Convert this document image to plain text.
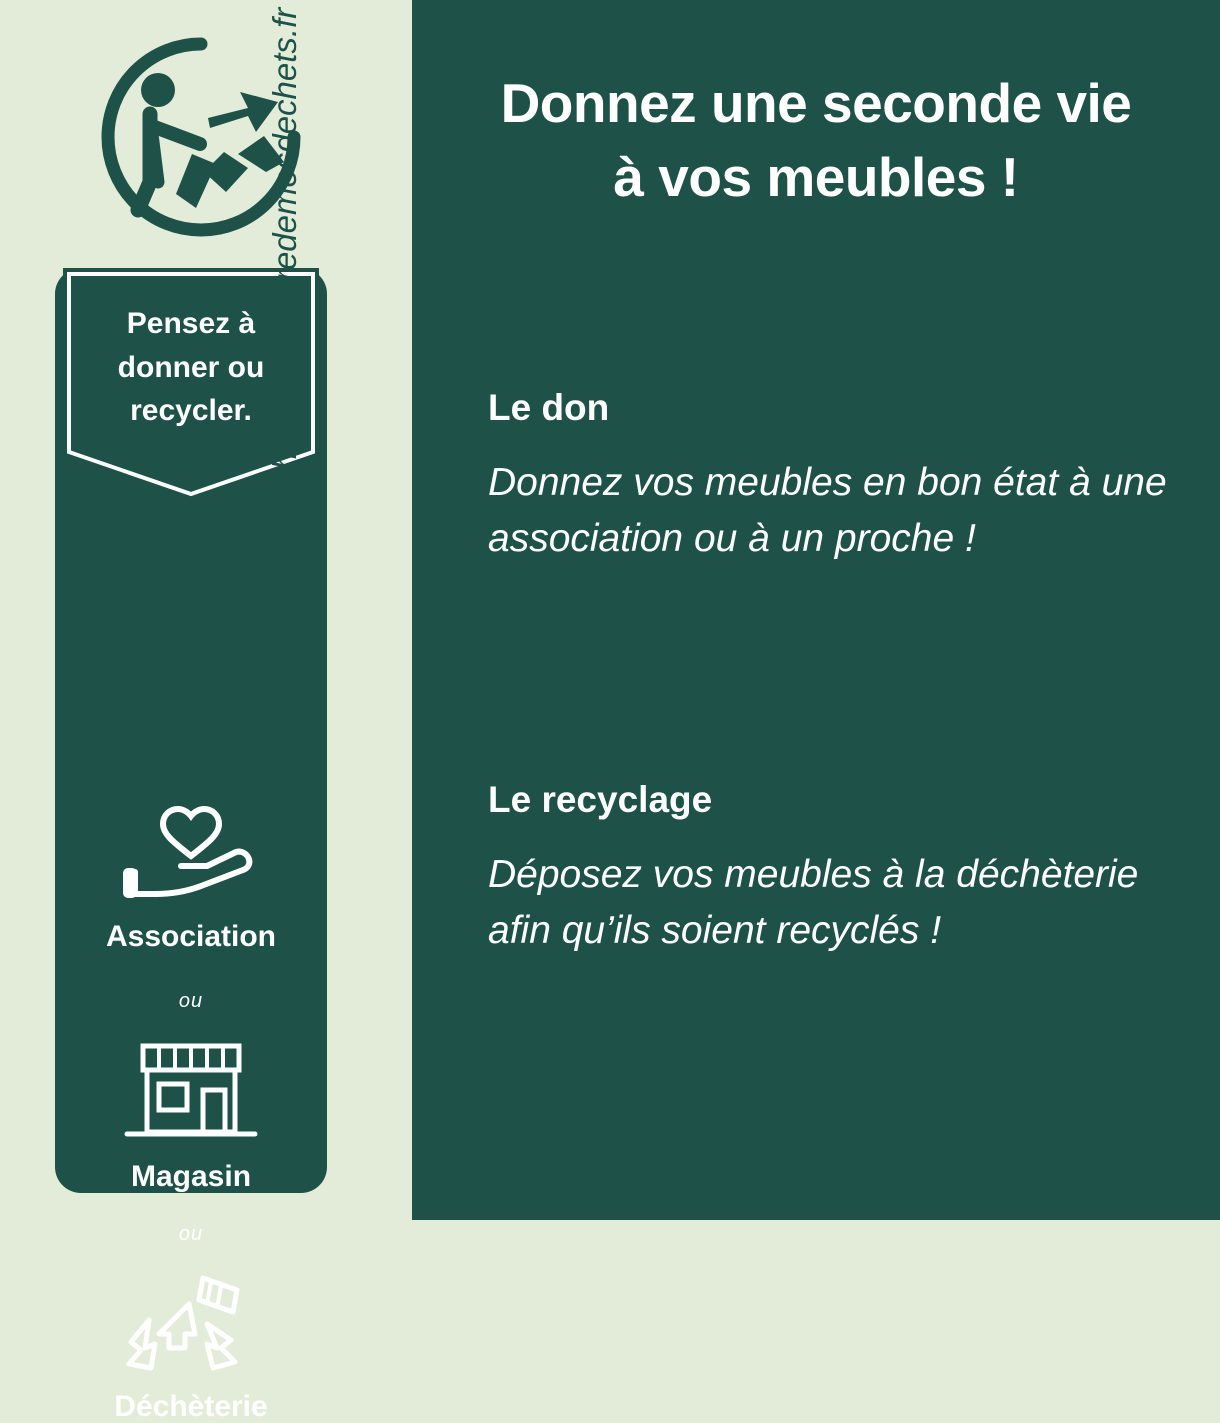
Pensez à
donner ou
recycler.
Association
ou
Magasin
ou
Déchèterie
https://quefairedemesdechets.fr	Donnez une seconde vie
à vos meubles !
Le don

Donnez vos meubles en bon état à une association ou à un proche !

Le recyclage

Déposez vos meubles à la déchèterie afin qu’ils soient recyclés !
